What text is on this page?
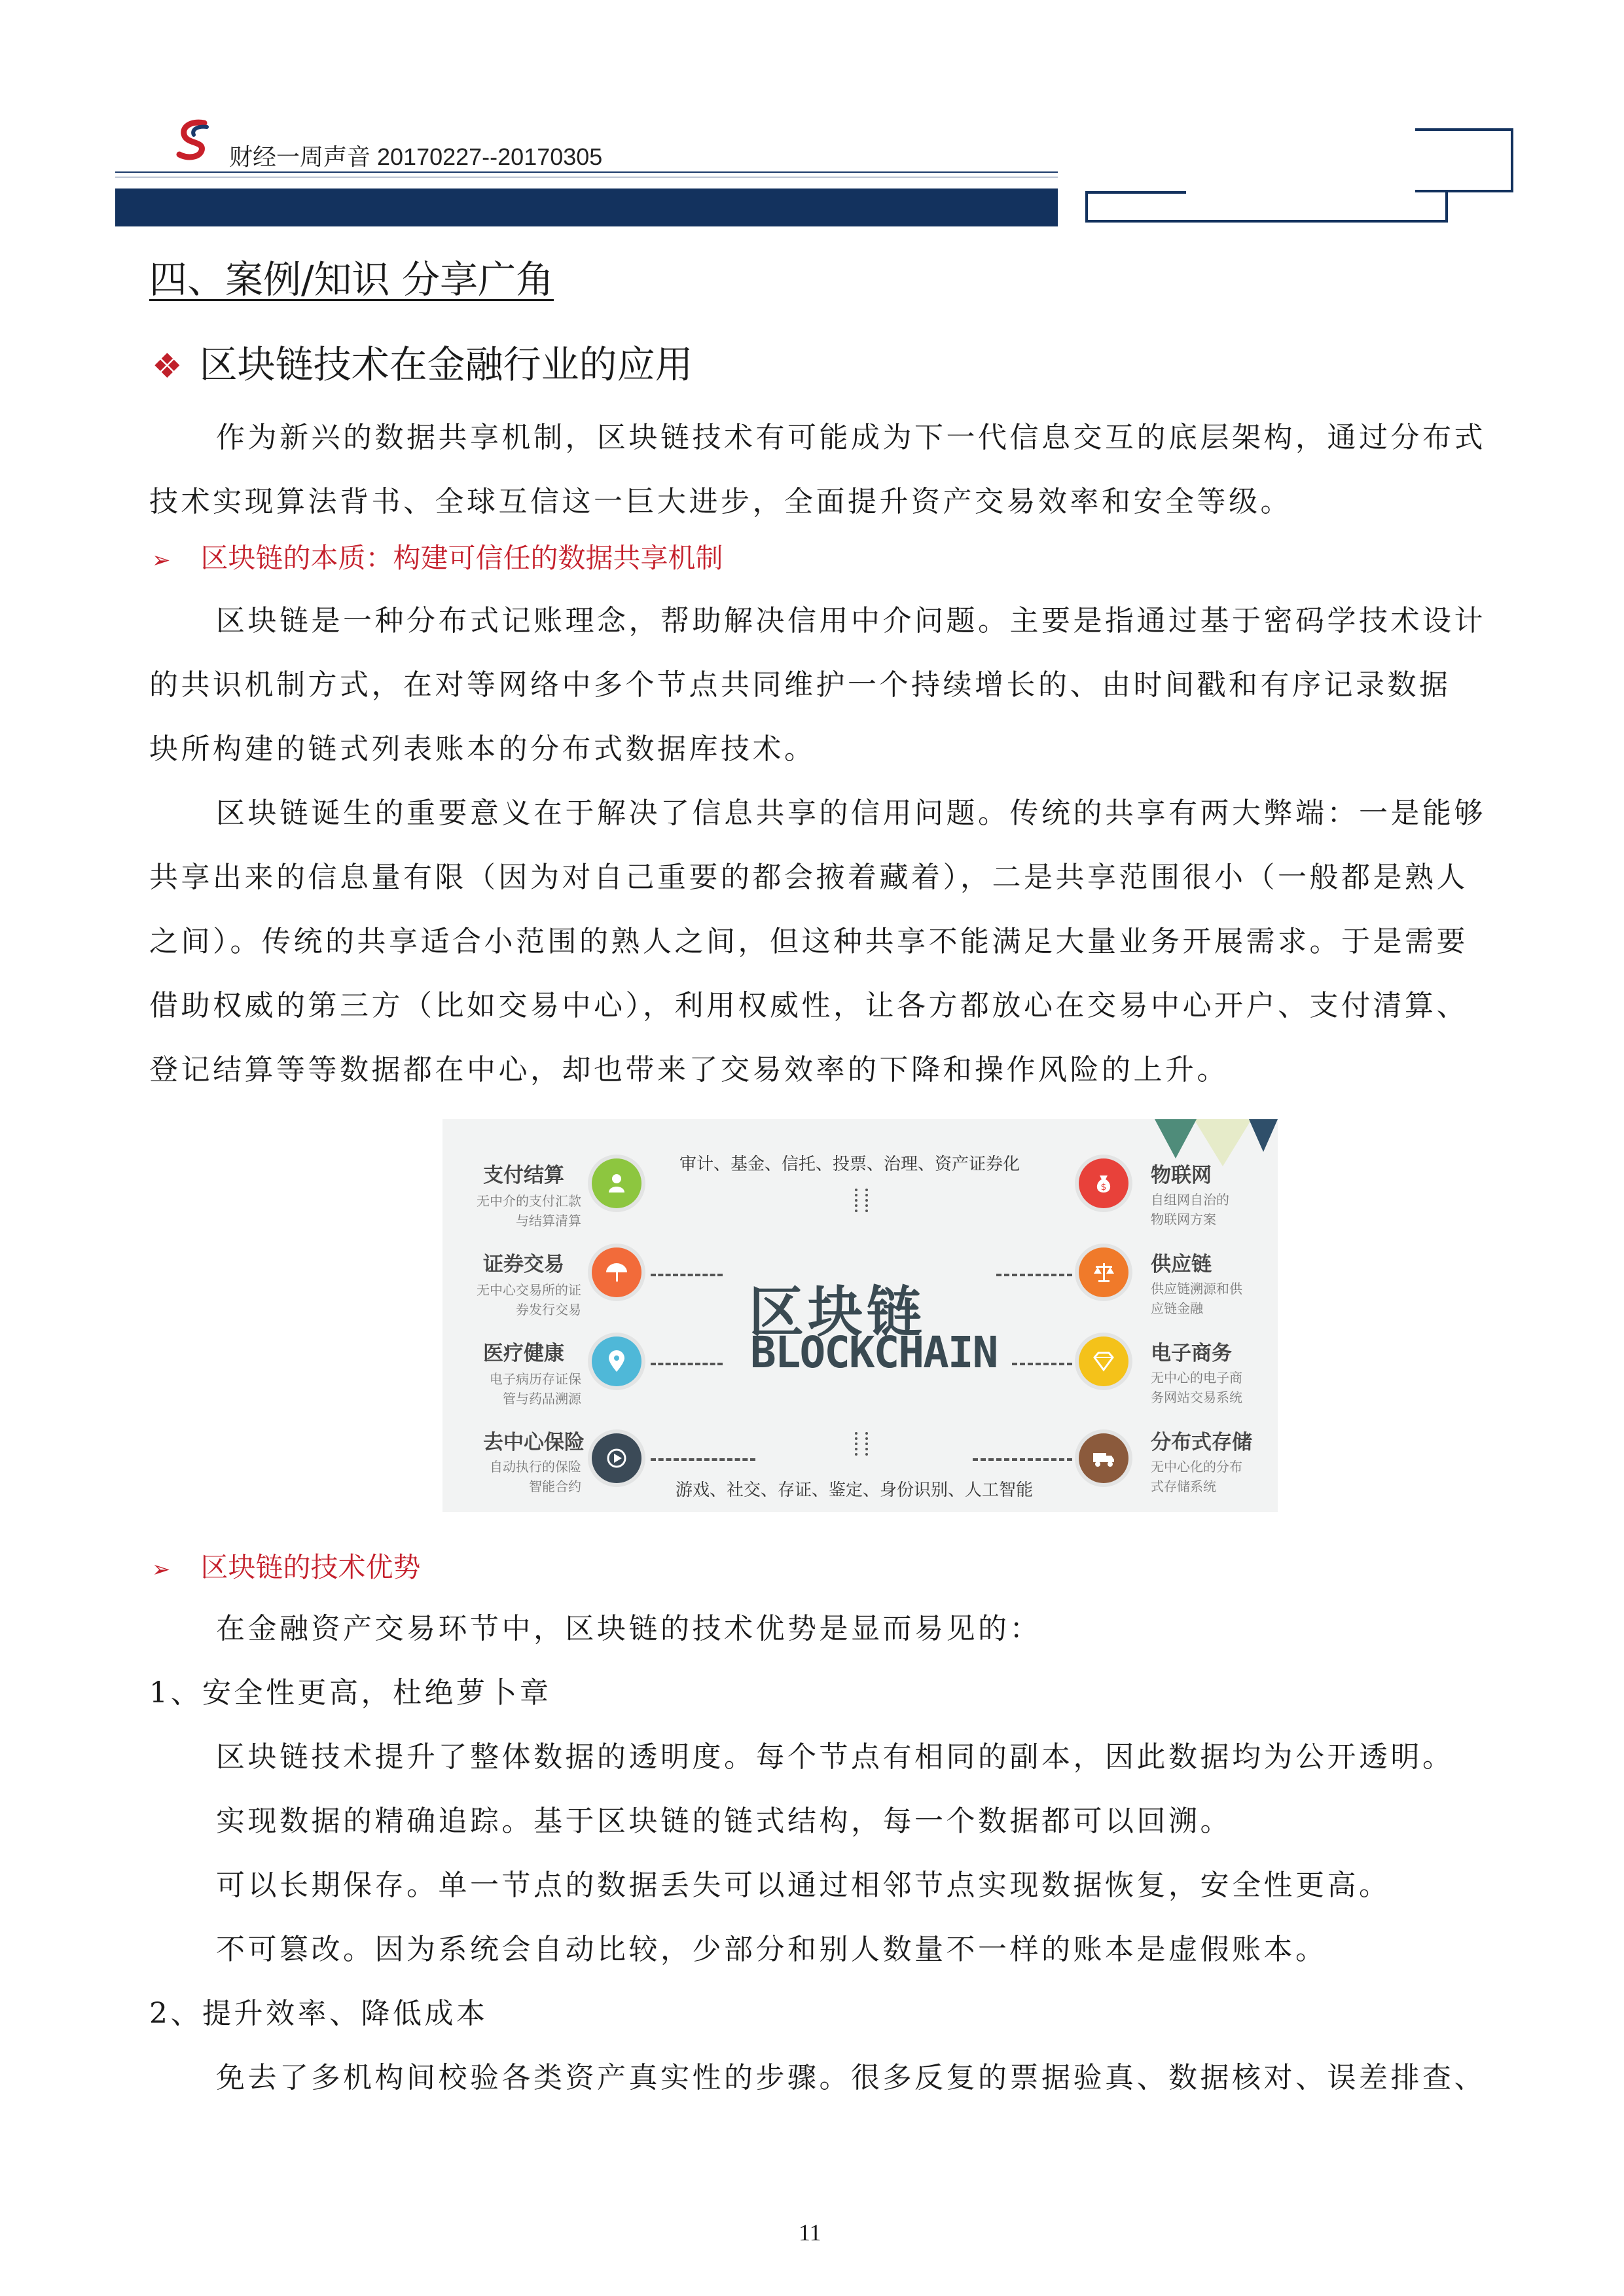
财经一周声音 20170227--20170305
四、案例/知识 分享广角
❖ 区块链技术在金融行业的应用
作为新兴的数据共享机制，区块链技术有可能成为下一代信息交互的底层架构，通过分布式
技术实现算法背书、全球互信这一巨大进步，全面提升资产交易效率和安全等级。
➢ 区块链的本质：构建可信任的数据共享机制
区块链是一种分布式记账理念，帮助解决信用中介问题。主要是指通过基于密码学技术设计
的共识机制方式，在对等网络中多个节点共同维护一个持续增长的、由时间戳和有序记录数据
块所构建的链式列表账本的分布式数据库技术。
区块链诞生的重要意义在于解决了信息共享的信用问题。传统的共享有两大弊端：一是能够
共享出来的信息量有限（因为对自己重要的都会掖着藏着），二是共享范围很小（一般都是熟人
之间）。传统的共享适合小范围的熟人之间，但这种共享不能满足大量业务开展需求。于是需要
借助权威的第三方（比如交易中心），利用权威性，让各方都放心在交易中心开户、支付清算、
登记结算等等数据都在中心，却也带来了交易效率的下降和操作风险的上升。
审计、基金、信托、投票、治理、资产证券化
区块链
BLOCKCHAIN
游戏、社交、存证、鉴定、身份识别、人工智能
支付结算
无中介的支付汇款
与结算清算
证券交易
无中心交易所的证
券发行交易
医疗健康
电子病历存证保
管与药品溯源
去中心保险
自动执行的保险
智能合约
$ 物联网
自组网自治的
物联网方案
供应链
供应链溯源和供
应链金融
电子商务
无中心的电子商
务网站交易系统
分布式存储
无中心化的分布
式存储系统
➢ 区块链的技术优势
在金融资产交易环节中，区块链的技术优势是显而易见的：
1、安全性更高，杜绝萝卜章
区块链技术提升了整体数据的透明度。每个节点有相同的副本，因此数据均为公开透明。
实现数据的精确追踪。基于区块链的链式结构，每一个数据都可以回溯。
可以长期保存。单一节点的数据丢失可以通过相邻节点实现数据恢复，安全性更高。
不可篡改。因为系统会自动比较，少部分和别人数量不一样的账本是虚假账本。
2、提升效率、降低成本
免去了多机构间校验各类资产真实性的步骤。很多反复的票据验真、数据核对、误差排查、
11
